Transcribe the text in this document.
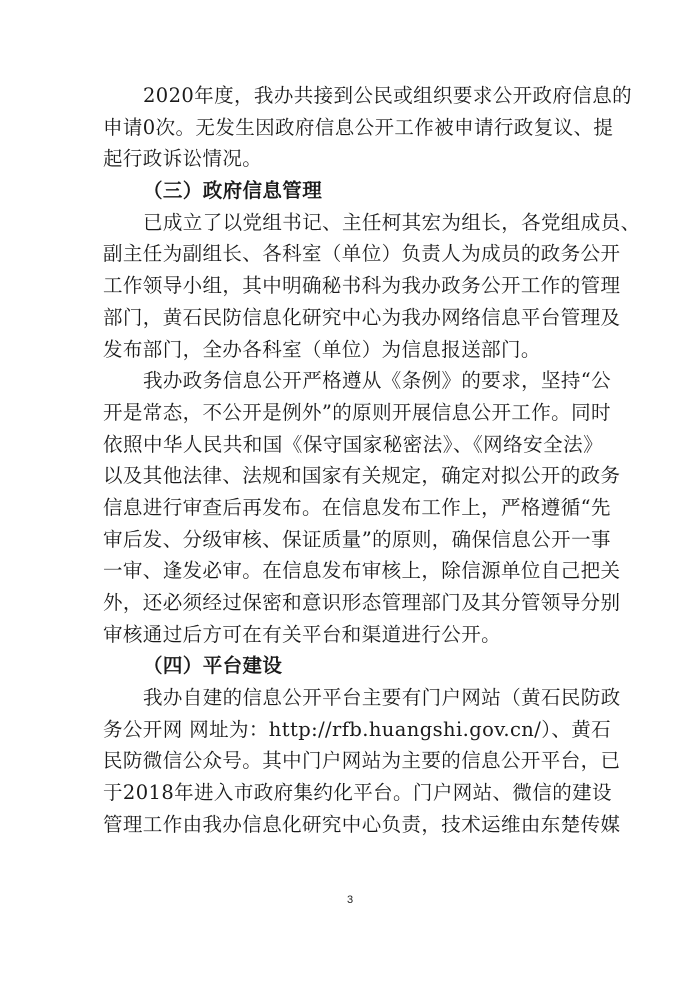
2020年度，我办共接到公民或组织要求公开政府信息的
申请0次。无发生因政府信息公开工作被申请行政复议、提
起行政诉讼情况。
（三）政府信息管理
已成立了以党组书记、主任柯其宏为组长，各党组成员、
副主任为副组长、各科室（单位）负责人为成员的政务公开
工作领导小组，其中明确秘书科为我办政务公开工作的管理
部门，黄石民防信息化研究中心为我办网络信息平台管理及
发布部门，全办各科室（单位）为信息报送部门。
我办政务信息公开严格遵从《条例》的要求，坚持“公
开是常态，不公开是例外”的原则开展信息公开工作。同时
依照中华人民共和国《保守国家秘密法》、《网络安全法》
以及其他法律、法规和国家有关规定，确定对拟公开的政务
信息进行审查后再发布。在信息发布工作上，严格遵循“先
审后发、分级审核、保证质量”的原则，确保信息公开一事
一审、逢发必审。在信息发布审核上，除信源单位自己把关
外，还必须经过保密和意识形态管理部门及其分管领导分别
审核通过后方可在有关平台和渠道进行公开。
（四）平台建设
我办自建的信息公开平台主要有门户网站（黄石民防政
务公开网 网址为：http://rfb.huangshi.gov.cn/）、黄石
民防微信公众号。其中门户网站为主要的信息公开平台，已
于2018年进入市政府集约化平台。门户网站、微信的建设
管理工作由我办信息化研究中心负责，技术运维由东楚传媒
3
